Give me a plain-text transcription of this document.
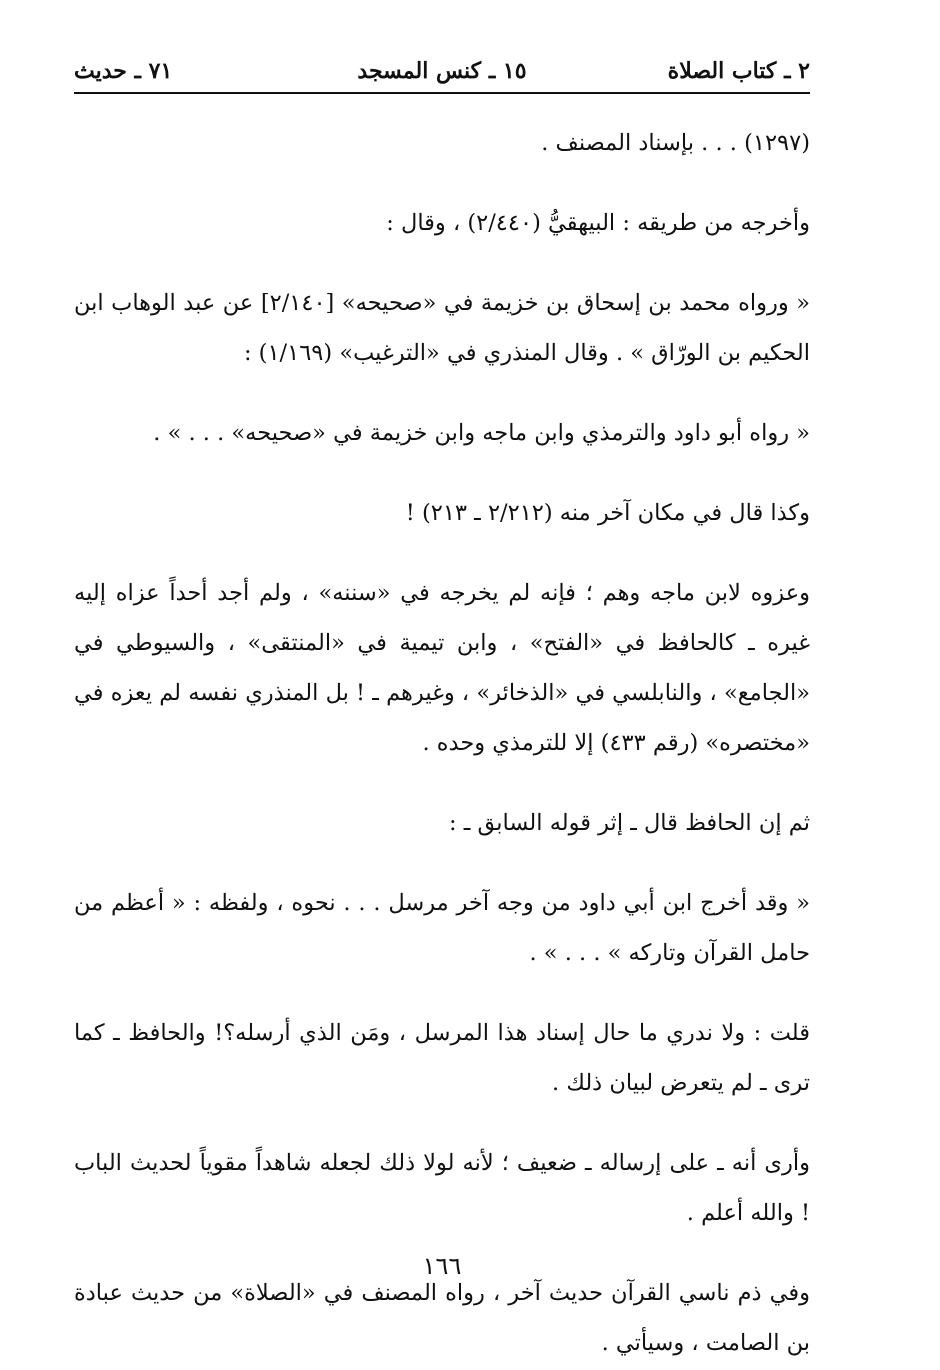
٢ ـ كتاب الصلاة
١٥ ـ كنس المسجد
٧١ ـ حديث

(١٢٩٧) . . . بإسناد المصنف .

وأخرجه من طريقه : البيهقيُّ (٢/٤٤٠) ، وقال :

« ورواه محمد بن إسحاق بن خزيمة في «صحيحه» [٢/١٤٠] عن عبد الوهاب ابن الحكيم بن الورّاق » . وقال المنذري في «الترغيب» (١/١٦٩) :

« رواه أبو داود والترمذي وابن ماجه وابن خزيمة في «صحيحه» . . . » .

وكذا قال في مكان آخر منه (٢/٢١٢ ـ ٢١٣) !

وعزوه لابن ماجه وهم ؛ فإنه لم يخرجه في «سننه» ، ولم أجد أحداً عزاه إليه غيره ـ كالحافظ في «الفتح» ، وابن تيمية في «المنتقى» ، والسيوطي في «الجامع» ، والنابلسي في «الذخائر» ، وغيرهم ـ ! بل المنذري نفسه لم يعزه في «مختصره» (رقم ٤٣٣) إلا للترمذي وحده .

ثم إن الحافظ قال ـ إثر قوله السابق ـ :

« وقد أخرج ابن أبي داود من وجه آخر مرسل . . . نحوه ، ولفظه : « أعظم من حامل القرآن وتاركه » . . . » .

قلت : ولا ندري ما حال إسناد هذا المرسل ، ومَن الذي أرسله؟! والحافظ ـ كما ترى ـ لم يتعرض لبيان ذلك .

وأرى أنه ـ على إرساله ـ ضعيف ؛ لأنه لولا ذلك لجعله شاهداً مقوياً لحديث الباب ! والله أعلم .

وفي ذم ناسي القرآن حديث آخر ، رواه المصنف في «الصلاة» من حديث عبادة بن الصامت ، وسيأتي .

١٦٦
